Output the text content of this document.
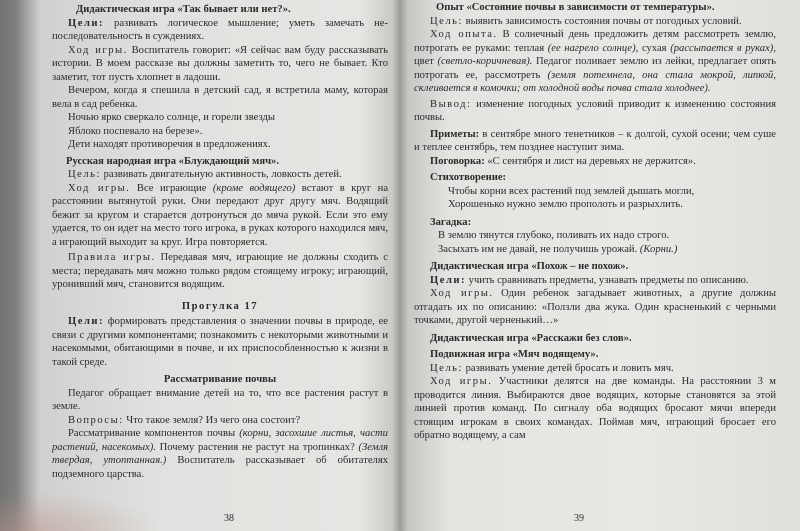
Дидактическая игра «Так бывает или нет?».

Цели: развивать логическое мышление; уметь замечать не-последовательность в суждениях.

Ход игры. Воспитатель говорит: «Я сейчас вам буду рассказывать истории. В моем рассказе вы должны заметить то, чего не бывает. Кто заметит, тот пусть хлопнет в ладоши.

Вечером, когда я спешила в детский сад, я встретила маму, которая вела в сад ребенка.

Ночью ярко сверкало солнце, и горели звезды

Яблоко поспевало на березе».

Дети находят противоречия в предложениях.

Русская народная игра «Блуждающий мяч».

Цель: развивать двигательную активность, ловкость детей.

Ход игры. Все играющие (кроме водящего) встают в круг на расстоянии вытянутой руки. Они передают друг другу мяч. Водящий бежит за кругом и старается дотронуться до мяча рукой. Если это ему удается, то он идет на место того игрока, в руках которого находился мяч, а играющий выходит за круг. Игра повторяется.

Правила игры. Передавая мяч, играющие не должны сходить с места; передавать мяч можно только рядом стоящему игроку; играющий, уронивший мяч, становится водящим.

Прогулка 17

Цели: формировать представления о значении почвы в природе, ее связи с другими компонентами; познакомить с некоторыми животными и насекомыми, обитающими в почве, и их приспособленностью к жизни в такой среде.

Рассматривание почвы

Педагог обращает внимание детей на то, что все растения растут в земле.

Вопросы: Что такое земля? Из чего она состоит?

Рассматривание компонентов почвы (корни, засохшие листья, части растений, насекомых). Почему растения не растут на тропинках? (Земля твердая, утоптанная.) Воспитатель рассказывает об обитателях подземного царства.

38

Опыт «Состояние почвы в зависимости от температуры».

Цель: выявить зависимость состояния почвы от погодных условий.

Ход опыта. В солнечный день предложить детям рассмотреть землю, потрогать ее руками: теплая (ее нагрело солнце), сухая (рассыпается в руках), цвет (светло-коричневая). Педагог поливает землю из лейки, предлагает опять потрогать ее, рассмотреть (земля потемнела, она стала мокрой, липкой, склеивается в комочки; от холодной воды почва стала холоднее).

Вывод: изменение погодных условий приводит к изменению состояния почвы.

Приметы: в сентябре много тенетников – к долгой, сухой осени; чем суше и теплее сентябрь, тем позднее наступит зима.

Поговорка: «С сентября и лист на деревьях не держится».

Стихотворение:

Чтобы корни всех растений под землей дышать могли,

Хорошенько нужно землю прополоть и разрыхлить.

Загадка:

В землю тянутся глубоко, поливать их надо строго.

Засыхать им не давай, не получишь урожай. (Корни.)

Дидактическая игра «Похож – не похож».

Цели: учить сравнивать предметы, узнавать предметы по описанию.

Ход игры. Один ребенок загадывает животных, а другие должны отгадать их по описанию: «Ползли два жука. Один красненький с черными точками, другой черненький…»

Дидактическая игра «Расскажи без слов».

Подвижная игра «Мяч водящему».

Цель: развивать умение детей бросать и ловить мяч.

Ход игры. Участники делятся на две команды. На расстоянии 3 м проводится линия. Выбираются двое водящих, которые становятся за этой линией против команд. По сигналу оба водящих бросают мячи впереди стоящим игрокам в своих командах. Поймав мяч, играющий бросает его обратно водящему, а сам

39
